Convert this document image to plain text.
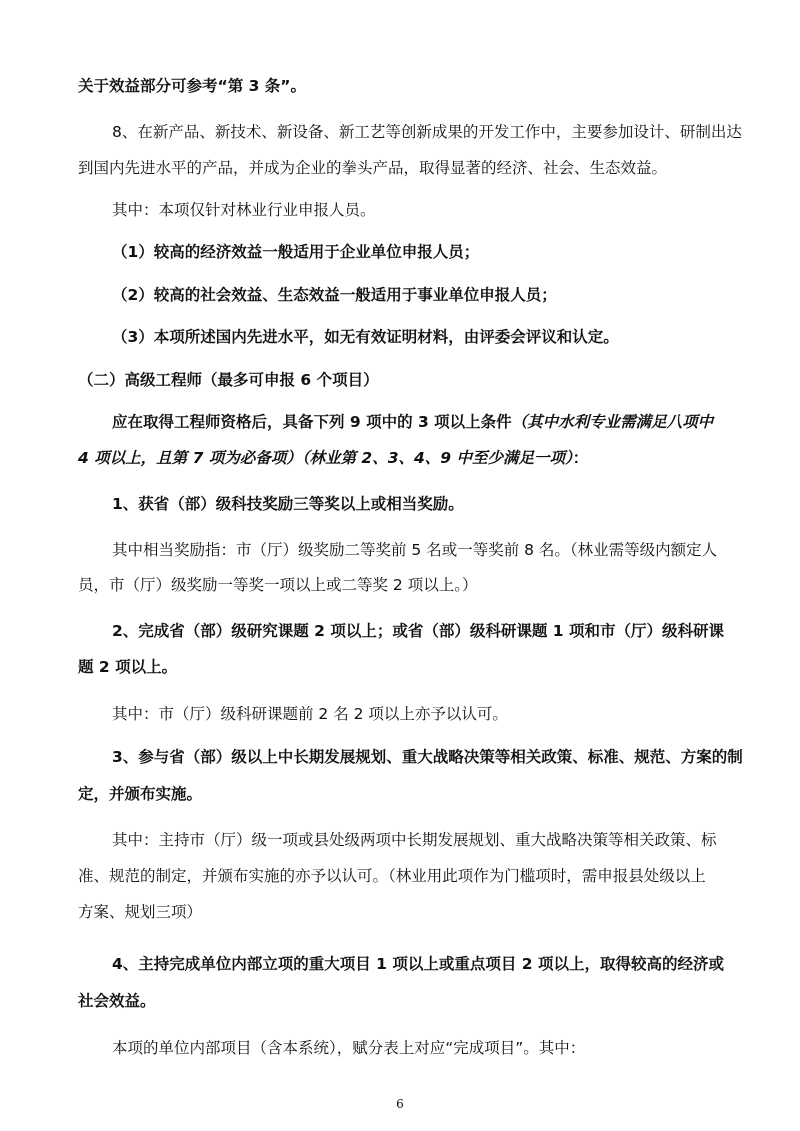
关于效益部分可参考“第 3 条”。
8、在新产品、新技术、新设备、新工艺等创新成果的开发工作中，主要参加设计、研制出达
到国内先进水平的产品，并成为企业的拳头产品，取得显著的经济、社会、生态效益。
其中：本项仅针对林业行业申报人员。
（1）较高的经济效益一般适用于企业单位申报人员；
（2）较高的社会效益、生态效益一般适用于事业单位申报人员；
（3）本项所述国内先进水平，如无有效证明材料，由评委会评议和认定。
（二）高级工程师（最多可申报 6 个项目）
应在取得工程师资格后，具备下列 9 项中的 3 项以上条件（其中水利专业需满足八项中
4 项以上，且第 7 项为必备项）（林业第 2、3、4、9 中至少满足一项）：
1、获省（部）级科技奖励三等奖以上或相当奖励。
其中相当奖励指：市（厅）级奖励二等奖前 5 名或一等奖前 8 名。（林业需等级内额定人
员，市（厅）级奖励一等奖一项以上或二等奖 2 项以上。）
2、完成省（部）级研究课题 2 项以上；或省（部）级科研课题 1 项和市（厅）级科研课
题 2 项以上。
其中：市（厅）级科研课题前 2 名 2 项以上亦予以认可。
3、参与省（部）级以上中长期发展规划、重大战略决策等相关政策、标准、规范、方案的制
定，并颁布实施。
其中：主持市（厅）级一项或县处级两项中长期发展规划、重大战略决策等相关政策、标
准、规范的制定，并颁布实施的亦予以认可。（林业用此项作为门槛项时，需申报县处级以上
方案、规划三项）
4、主持完成单位内部立项的重大项目 1 项以上或重点项目 2 项以上，取得较高的经济或
社会效益。
本项的单位内部项目（含本系统），赋分表上对应“完成项目”。其中：
6
